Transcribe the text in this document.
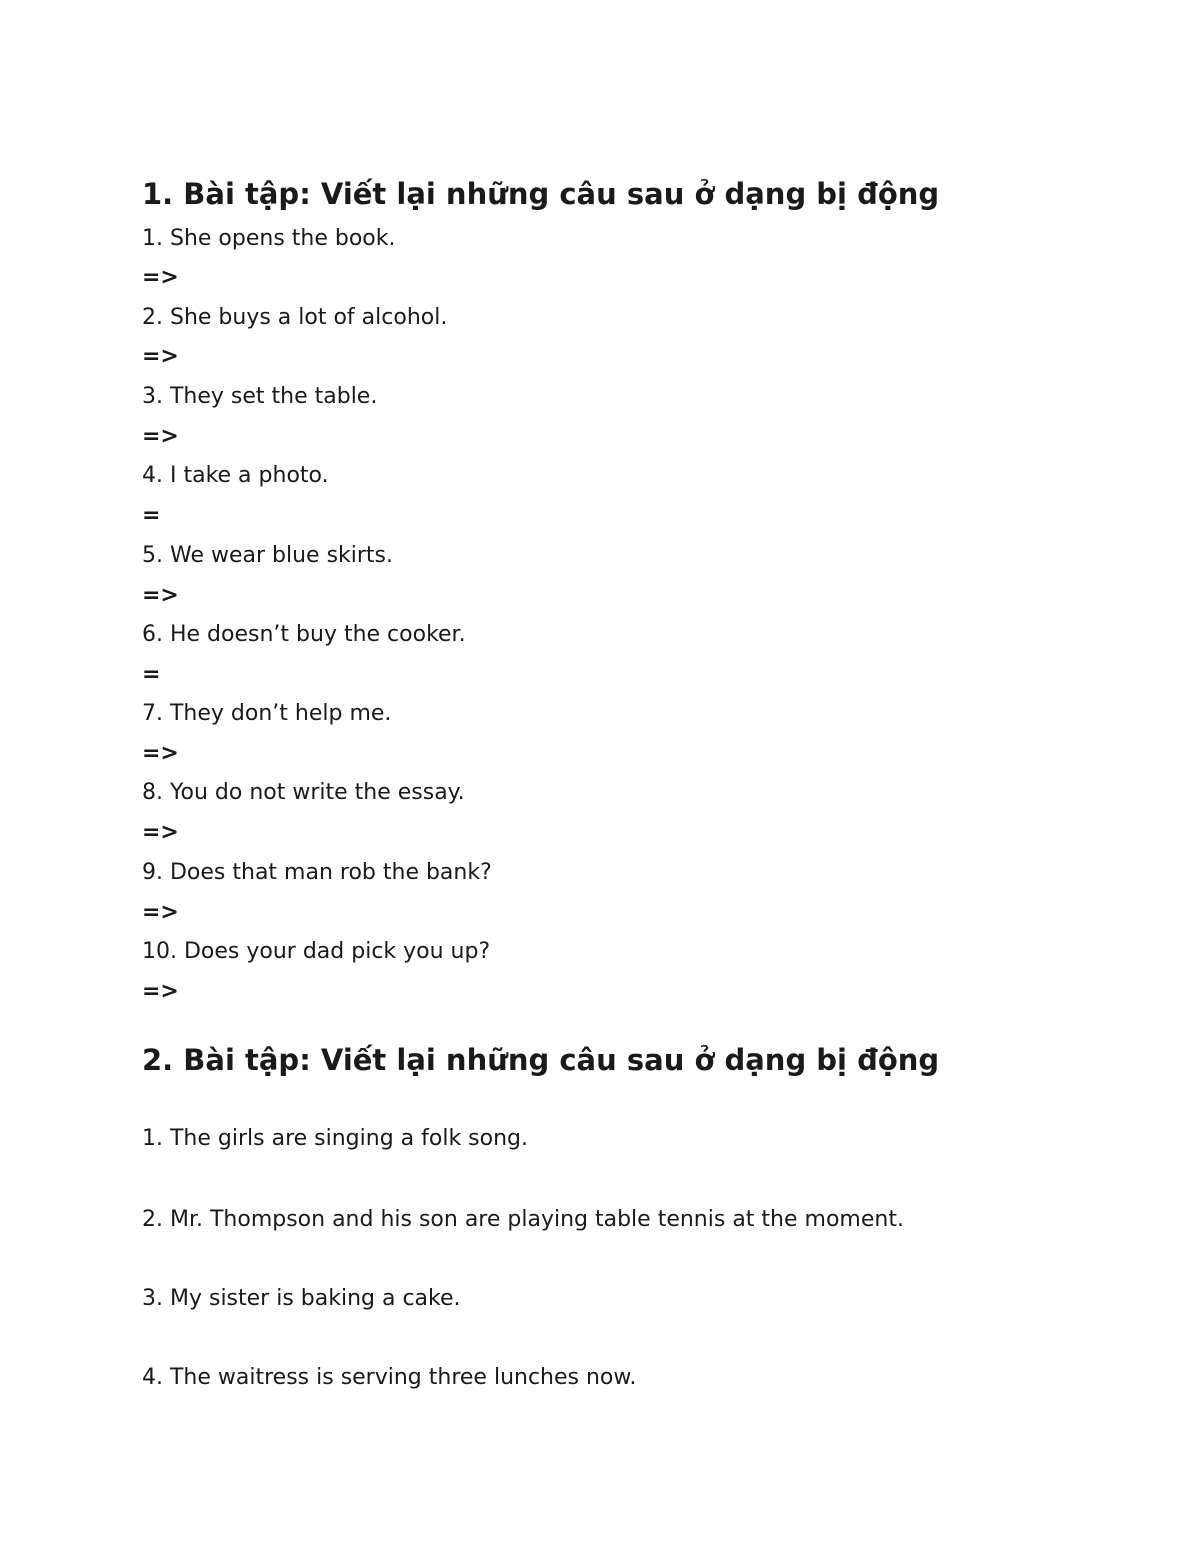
1. Bài tập: Viết lại những câu sau ở dạng bị động

1. She opens the book.

=>

2. She buys a lot of alcohol.

=>

3. They set the table.

=>

4. I take a photo.

=

5. We wear blue skirts.

=>

6. He doesn’t buy the cooker.

=

7. They don’t help me.

=>

8. You do not write the essay.

=>

9. Does that man rob the bank?

=>

10. Does your dad pick you up?

=>

2. Bài tập: Viết lại những câu sau ở dạng bị động

1. The girls are singing a folk song.

2. Mr. Thompson and his son are playing table tennis at the moment.

3. My sister is baking a cake.

4. The waitress is serving three lunches now.
